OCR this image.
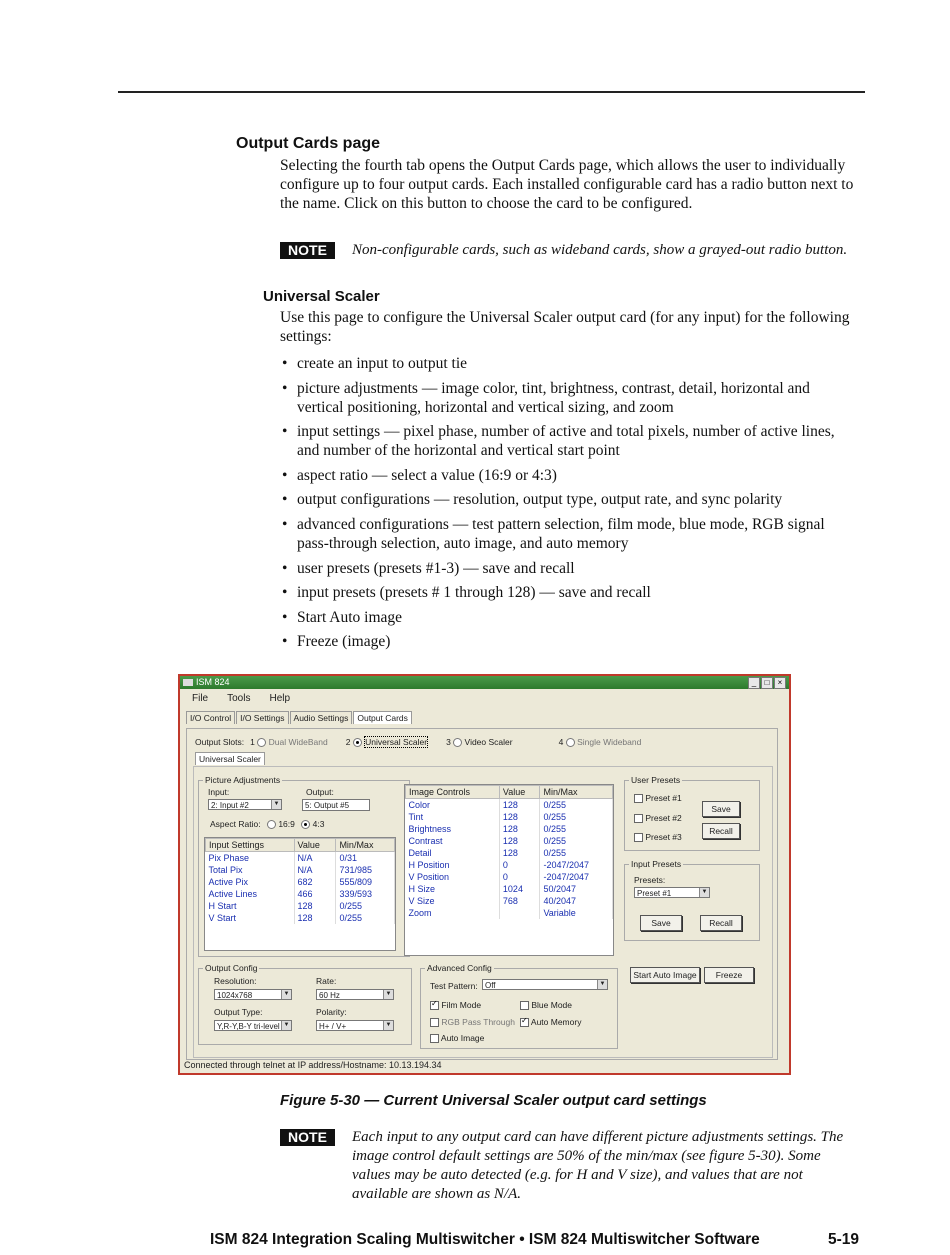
Output Cards page
Selecting the fourth tab opens the Output Cards page, which allows the user to individually configure up to four output cards. Each installed configurable card has a radio button next to the name. Click on this button to choose the card to be configured.
NOTE	Non-configurable cards, such as wideband cards, show a grayed-out radio button.
Universal Scaler
Use this page to configure the Universal Scaler output card (for any input) for the following settings:
• create an input to output tie
• picture adjustments — image color, tint, brightness, contrast, detail, horizontal and vertical positioning, horizontal and vertical sizing, and zoom
• input settings — pixel phase, number of active and total pixels, number of active lines, and number of the horizontal and vertical start point
• aspect ratio — select a value (16:9 or 4:3)
• output configurations — resolution, output type, output rate, and sync polarity
• advanced configurations — test pattern selection, film mode, blue mode, RGB signal pass-through selection, auto image, and auto memory
• user presets (presets #1-3) — save and recall
• input presets (presets # 1 through 128) — save and recall
• Start Auto image
• Freeze (image)
ISM 824	_	□	×
File Tools Help
I/O Control	I/O Settings	Audio Settings	Output Cards
Output Slots: 1 Dual WideBand 2 Universal Scaler 3 Video Scaler	4 Single Wideband
Universal Scaler
Picture Adjustments
Input:
2: Input #2	▼
Output:
5: Output #5
Aspect Ratio: 16:9 4:3
Input Settings	Value	Min/Max
Pix Phase	N/A	0/31
Total Pix	N/A	731/985
Active Pix	682	555/809
Active Lines	466	339/593
H Start	128	0/255
V Start	128	0/255
Image Controls	Value	Min/Max
Color	128	0/255
Tint	128	0/255
Brightness	128	0/255
Contrast	128	0/255
Detail	128	0/255
H Position	0	-2047/2047
V Position	0	-2047/2047
H Size	1024	50/2047
V Size	768	40/2047
Zoom		Variable
User Presets
Preset #1
Preset #2
Preset #3
Save
Recall
Input Presets
Presets:
Preset #1	▼
Save	Recall
Output Config
Resolution:
1024x768	▼
Rate:
60 Hz	▼
Output Type:
Y,R-Y,B-Y tri-level ▼
Polarity:
H+ / V+	▼
Advanced Config
Test Pattern: Off	▼
✓ Film Mode	Blue Mode
RGB Pass Through ✓	Auto Memory
Auto Image
Start Auto Image	Freeze
Connected through telnet at IP address/Hostname: 10.13.194.34
Figure 5-30 — Current Universal Scaler output card settings
NOTE	Each input to any output card can have different picture adjustments settings. The image control default settings are 50% of the min/max (see figure 5-30). Some values may be auto detected (e.g. for H and V size), and values that are not available are shown as N/A.
ISM 824 Integration Scaling Multiswitcher • ISM 824 Multiswitcher Software	5-19
